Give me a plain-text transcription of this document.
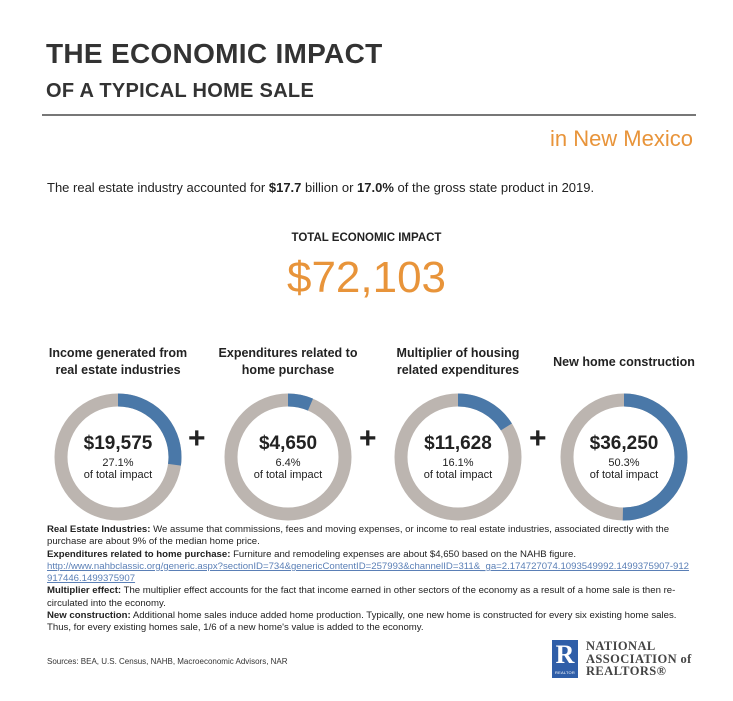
THE ECONOMIC IMPACT
OF A TYPICAL HOME SALE
in New Mexico
The real estate industry accounted for $17.7 billion or 17.0% of the gross state product in 2019.
TOTAL ECONOMIC IMPACT
$72,103
Income generated from real estate industries
$19,575
27.1%
of total impact
+
Expenditures related to home purchase
$4,650
6.4%
of total impact
+
Multiplier of housing related expenditures
$11,628
16.1%
of total impact
+
New home construction
$36,250
50.3%
of total impact
Real Estate Industries: We assume that commissions, fees and moving expenses, or income to real estate industries, associated directly with the purchase are about 9% of the median home price.
Expenditures related to home purchase: Furniture and remodeling expenses are about $4,650 based on the NAHB figure.
http://www.nahbclassic.org/generic.aspx?sectionID=734&genericContentID=257993&channelID=311&_ga=2.174727074.1093549992.1499375907-912917446.1499375907
Multiplier effect: The multiplier effect accounts for the fact that income earned in other sectors of the economy as a result of a home sale is then re-circulated into the economy.
New construction: Additional home sales induce added home production. Typically, one new home is constructed for every six existing home sales. Thus, for every existing homes sale, 1/6 of a new home's value is added to the economy.
Sources: BEA, U.S. Census, NAHB, Macroeconomic Advisors, NAR	R
REALTOR
NATIONAL
ASSOCIATION of
REALTORS®
